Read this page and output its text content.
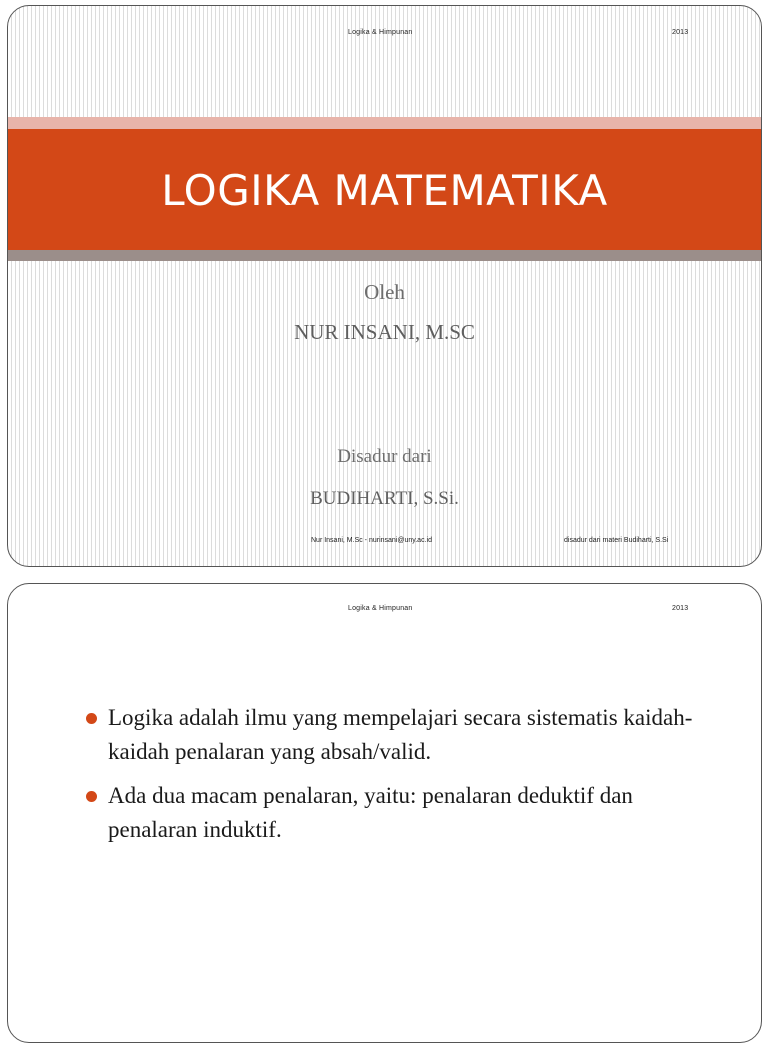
Logika & Himpunan	2013
LOGIKA MATEMATIKA
Oleh
NUR INSANI, M.SC
Disadur dari
BUDIHARTI, S.Si.
Nur Insani, M.Sc - nurinsani@uny.ac.id	disadur dari materi Budiharti, S.Si
Logika & Himpunan	2013
Logika adalah ilmu yang mempelajari secara sistematis kaidah-kaidah penalaran yang absah/valid.
Ada dua macam penalaran, yaitu: penalaran deduktif dan penalaran induktif.
